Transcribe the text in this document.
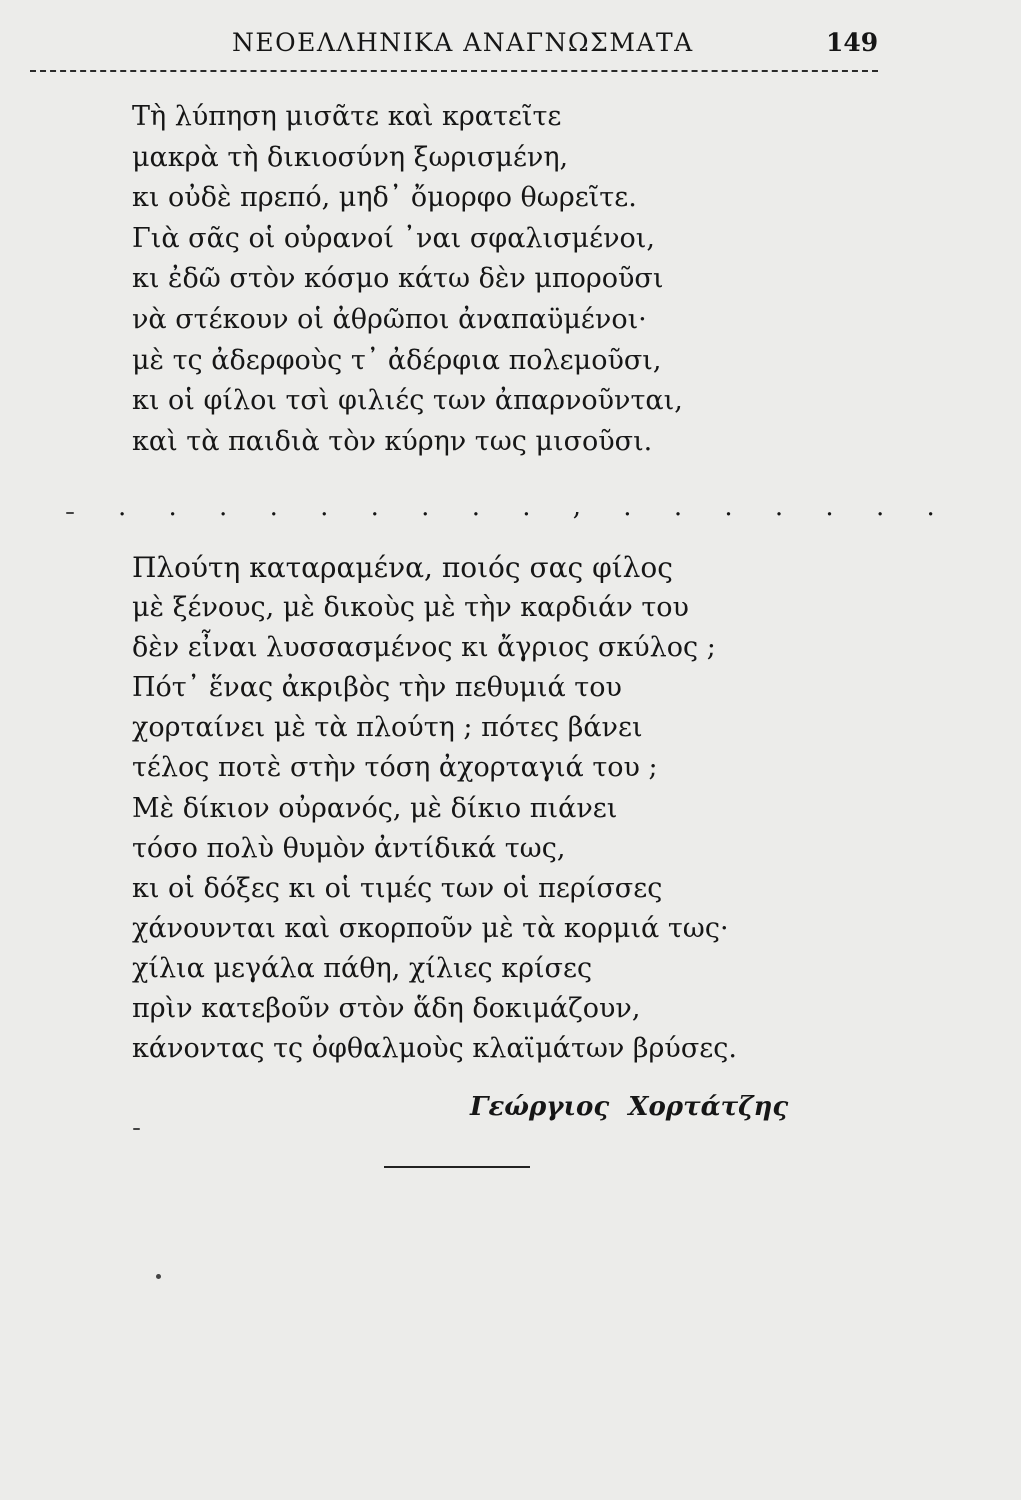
ΝΕΟΕΛΛΗΝΙΚΑ ΑΝΑΓΝΩΣΜΑΤΑ	149
Τὴ λύπηση μισᾶτε καὶ κρατεῖτε
μακρὰ τὴ δικιοσύνη ξωρισμένη,
κι οὐδὲ πρεπό, μηδ᾽ ὄμορφο θωρεῖτε.
Γιὰ σᾶς οἱ οὐρανοί ᾽ναι σφαλισμένοι,
κι ἐδῶ στὸν κόσμο κάτω δὲν μποροῦσι
νὰ στέκουν οἱ ἀθρῶποι ἀναπαϋμένοι·
μὲ τς ἀδερφοὺς τ᾽ ἀδέρφια πολεμοῦσι,
κι οἱ φίλοι τσὶ φιλιές των ἀπαρνοῦνται,
καὶ τὰ παιδιὰ τὸν κύρην τως μισοῦσι.
. . . . . . . . . , . . . . . . .
Πλούτη καταραμένα, ποιός σας φίλος
μὲ ξένους, μὲ δικοὺς μὲ τὴν καρδιάν του
δὲν εἶναι λυσσασμένος κι ἄγριος σκύλος ;
Πότ᾽ ἕνας ἀκριβὸς τὴν πεθυμιά του
χορταίνει μὲ τὰ πλούτη ; πότες βάνει
τέλος ποτὲ στὴν τόση ἀχορταγιά του ;
Μὲ δίκιον οὐρανός, μὲ δίκιο πιάνει
τόσο πολὺ θυμὸν ἀντίδικά τως,
κι οἱ δόξες κι οἱ τιμές των οἱ περίσσες
χάνουνται καὶ σκορποῦν μὲ τὰ κορμιά τως·
χίλια μεγάλα πάθη, χίλιες κρίσες
πρὶν κατεβοῦν στὸν ἅδη δοκιμάζουν,
κάνοντας τς ὀφθαλμοὺς κλαϊμάτων βρύσες.
Γεώργιος Χορτάτζης
